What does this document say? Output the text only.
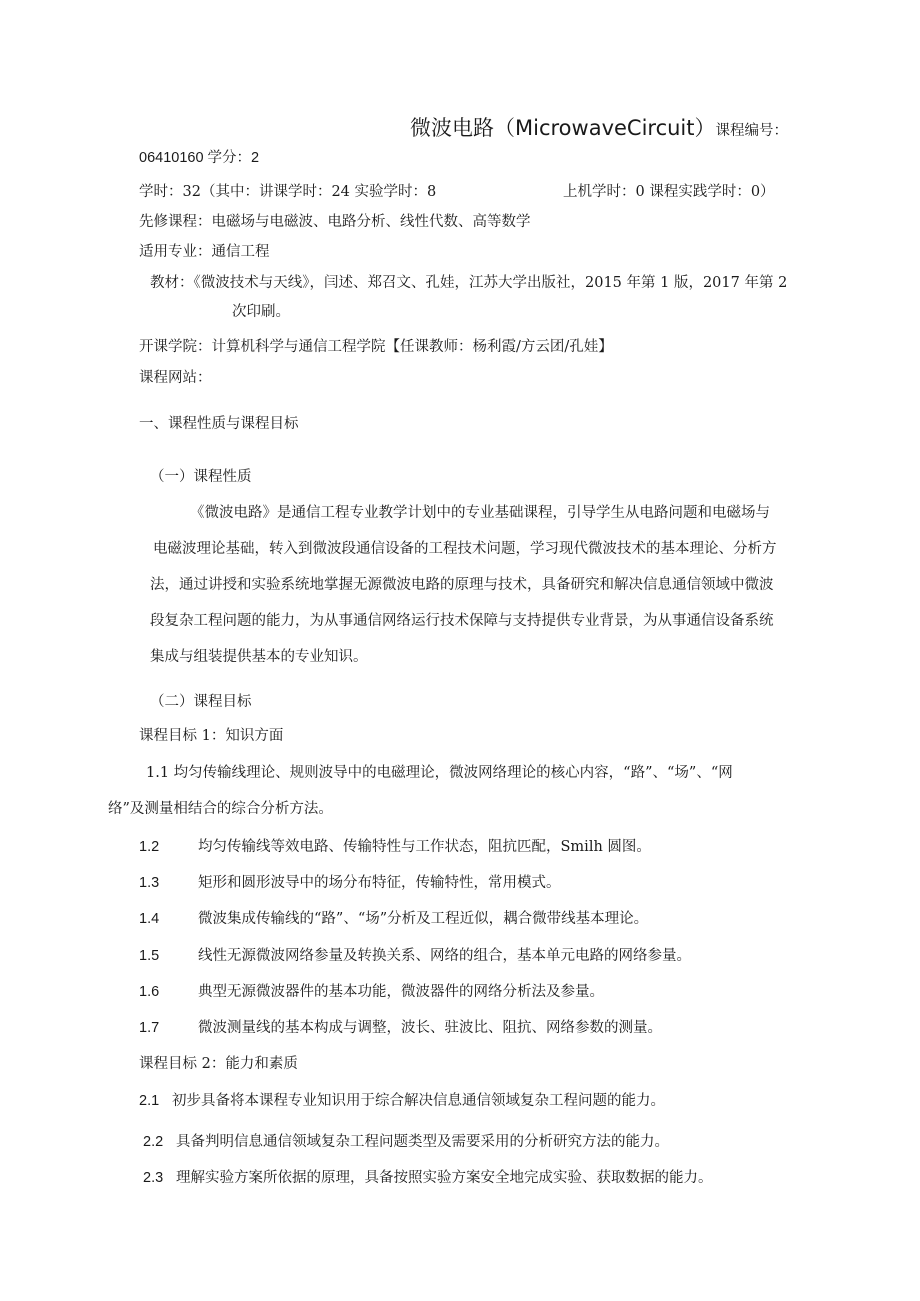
微波电路（MicrowaveCircuit）课程编号：
06410160 学分：2
学时：32（其中：讲课学时：24 实验学时：8	上机学时：0 课程实践学时：0）
先修课程：电磁场与电磁波、电路分析、线性代数、高等数学
适用专业：通信工程
教材：《微波技术与天线》，闫述、郑召文、孔娃，江苏大学出版社，2015 年第 1 版，2017 年第 2
次印刷。
开课学院：计算机科学与通信工程学院【任课教师：杨利霞/方云团/孔娃】
课程网站：
一、课程性质与课程目标
（一）课程性质
《微波电路》是通信工程专业教学计划中的专业基础课程，引导学生从电路问题和电磁场与
电磁波理论基础，转入到微波段通信设备的工程技术问题，学习现代微波技术的基本理论、分析方
法，通过讲授和实验系统地掌握无源微波电路的原理与技术，具备研究和解决信息通信领域中微波
段复杂工程问题的能力，为从事通信网络运行技术保障与支持提供专业背景，为从事通信设备系统
集成与组装提供基本的专业知识。
（二）课程目标
课程目标 1：知识方面
1.1 均匀传输线理论、规则波导中的电磁理论，微波网络理论的核心内容，“路”、“场”、“网
络”及测量相结合的综合分析方法。
1.2	均匀传输线等效电路、传输特性与工作状态，阻抗匹配，Smilh 圆图。
1.3	矩形和圆形波导中的场分布特征，传输特性，常用模式。
1.4	微波集成传输线的“路”、“场”分析及工程近似，耦合微带线基本理论。
1.5	线性无源微波网络参量及转换关系、网络的组合，基本单元电路的网络参量。
1.6	典型无源微波器件的基本功能，微波器件的网络分析法及参量。
1.7	微波测量线的基本构成与调整，波长、驻波比、阻抗、网络参数的测量。
课程目标 2：能力和素质
2.1 初步具备将本课程专业知识用于综合解决信息通信领域复杂工程问题的能力。
2.2 具备判明信息通信领域复杂工程问题类型及需要采用的分析研究方法的能力。
2.3 理解实验方案所依据的原理，具备按照实验方案安全地完成实验、获取数据的能力。
